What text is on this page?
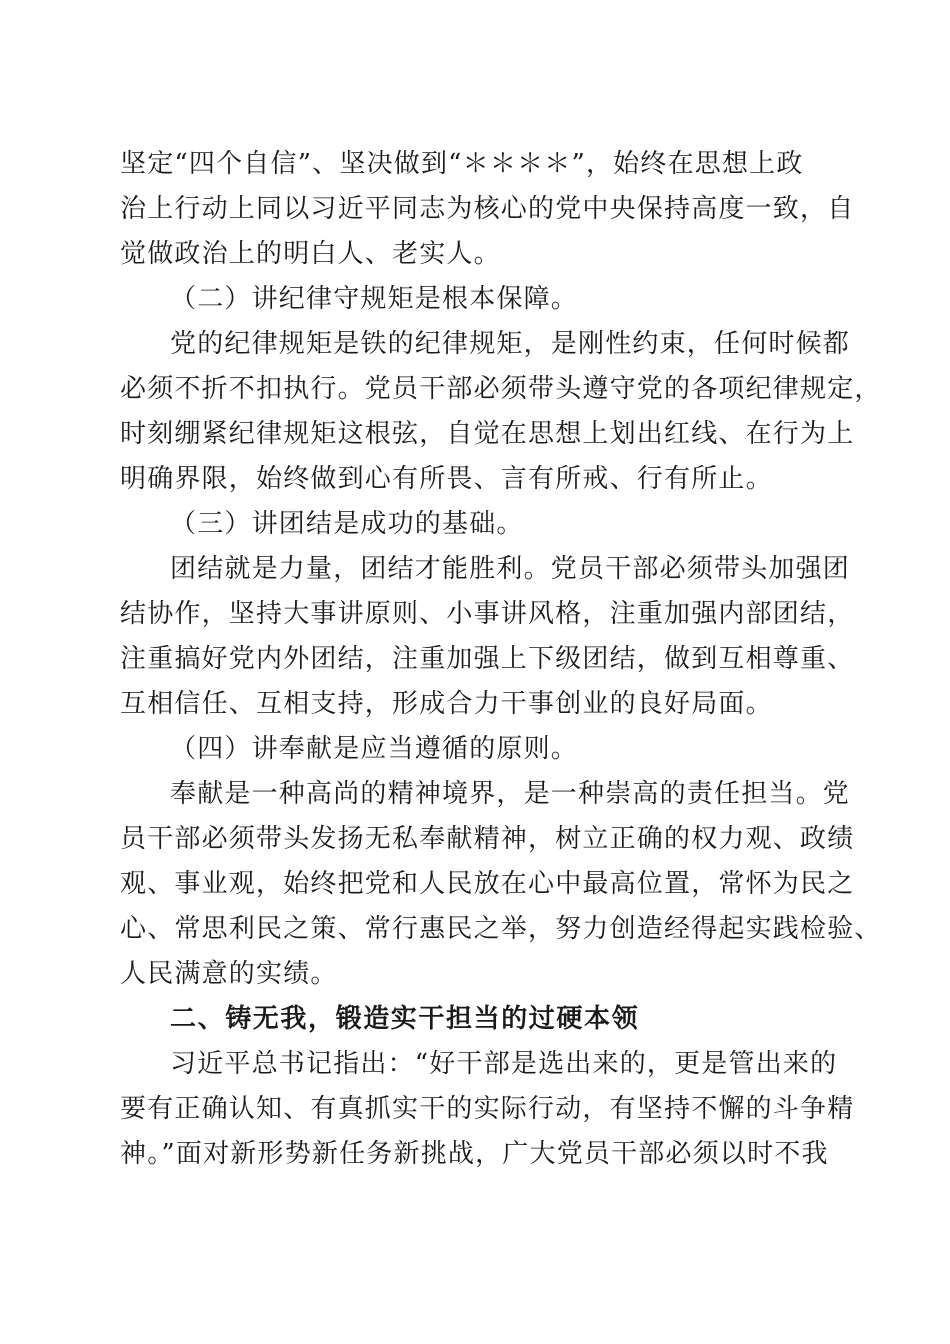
坚定“四个自信”、坚决做到“＊＊＊＊”，始终在思想上政
治上行动上同以习近平同志为核心的党中央保持高度一致，自
觉做政治上的明白人、老实人。
（二）讲纪律守规矩是根本保障。
党的纪律规矩是铁的纪律规矩，是刚性约束，任何时候都
必须不折不扣执行。党员干部必须带头遵守党的各项纪律规定，
时刻绷紧纪律规矩这根弦，自觉在思想上划出红线、在行为上
明确界限，始终做到心有所畏、言有所戒、行有所止。
（三）讲团结是成功的基础。
团结就是力量，团结才能胜利。党员干部必须带头加强团
结协作，坚持大事讲原则、小事讲风格，注重加强内部团结，
注重搞好党内外团结，注重加强上下级团结，做到互相尊重、
互相信任、互相支持，形成合力干事创业的良好局面。
（四）讲奉献是应当遵循的原则。
奉献是一种高尚的精神境界，是一种崇高的责任担当。党
员干部必须带头发扬无私奉献精神，树立正确的权力观、政绩
观、事业观，始终把党和人民放在心中最高位置，常怀为民之
心、常思利民之策、常行惠民之举，努力创造经得起实践检验、
人民满意的实绩。
二、铸无我，锻造实干担当的过硬本领
习近平总书记指出：“好干部是选出来的，更是管出来的
要有正确认知、有真抓实干的实际行动，有坚持不懈的斗争精
神。”面对新形势新任务新挑战，广大党员干部必须以时不我
